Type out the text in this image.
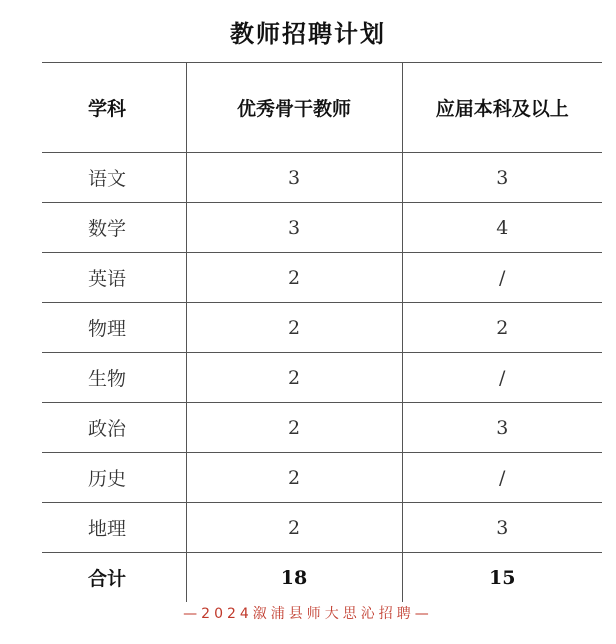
教师招聘计划
学科	优秀骨干教师	应届本科及以上
语文	3	3
数学	3	4
英语	2	/
物理	2	2
生物	2	/
政治	2	3
历史	2	/
地理	2	3
合计	18	15
—2024溆浦县师大思沁招聘—
